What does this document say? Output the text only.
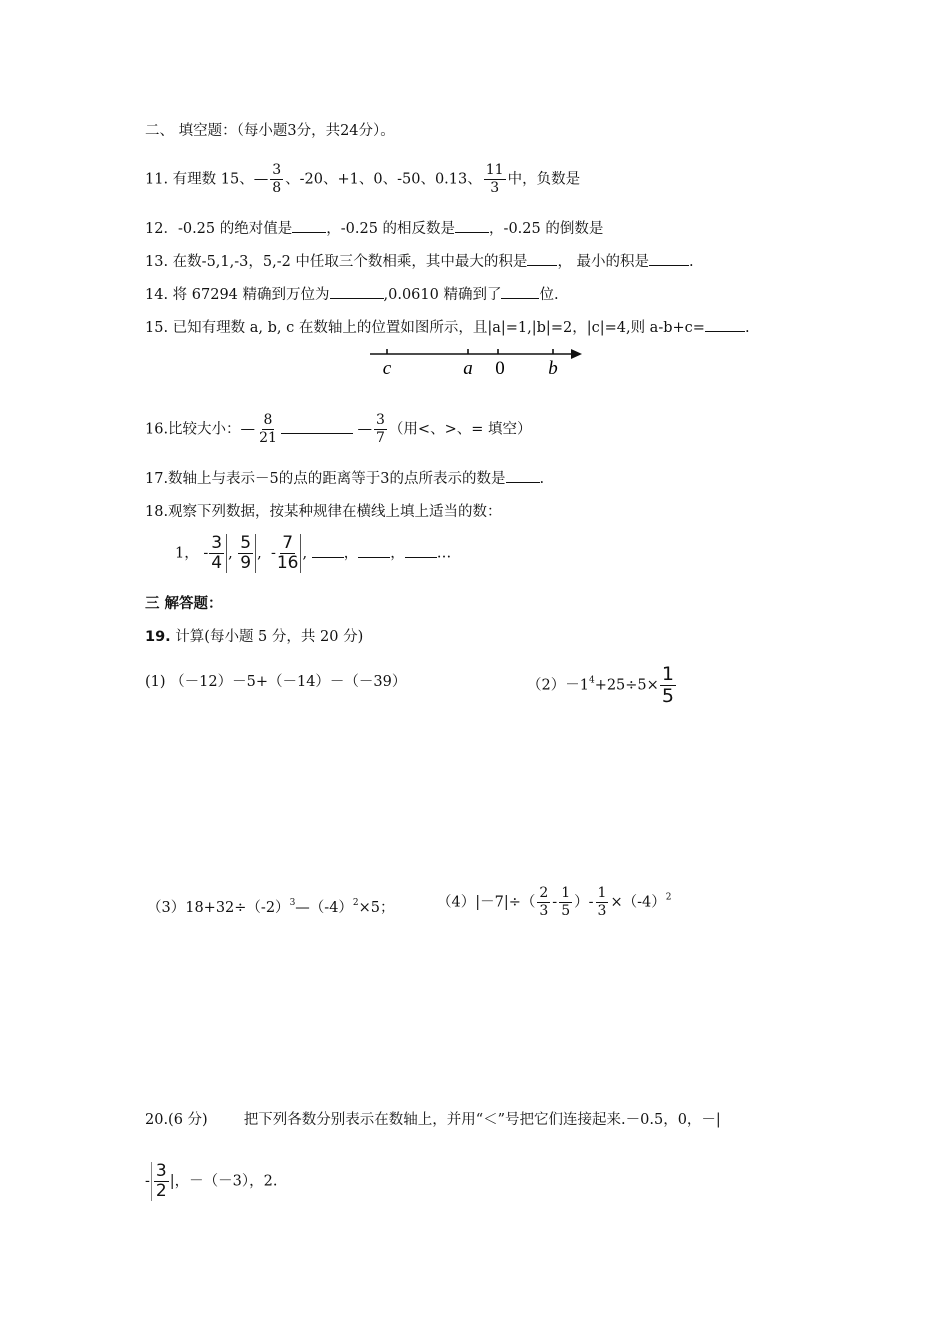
二、 填空题：（每小题3分，共24分）。
11. 有理数 15、— $\frac{3}{8}$ 、-20、+1、0、-50、0.13、 $\frac{11}{3}$ 中，负数是
12．-0.25 的绝对值是 ，-0.25 的相反数是 ，-0.25 的倒数是
13. 在数-5,1,-3，5,-2 中任取三个数相乘，其中最大的积是 ， 最小的积是	.
14. 将 67294 精确到万位为	,0.0610 精确到了	位.
15. 已知有理数 a, b, c 在数轴上的位置如图所示，且|a|=1,|b|=2，|c|=4,则 a-b+c=	.
c	a 0 b
16.比较大小：— $\frac{8}{21}$	— $\frac{3}{7}$ （用<、>、= 填空）
17.数轴上与表示－5的点的距离等于3的点所表示的数是 .
18.观察下列数据，按某种规律在横线上填上适当的数：
1， - $\frac{3}{4}$ , $\frac{5}{9}$ , - $\frac{7}{16}$ ,	， ， …
三 解答题：
19. 计算(每小题 5 分，共 20 分)
(1) （－12）－5+（－14）－（－39）	$(2)-1^4+25\div 5\times \frac{1}{5}$
$(3)18+32\div(-2)^3—(-4)^2\times 5$；	$(4)|-7|\div( \frac{2}{3} - \frac{1}{5}$ ）- $\frac{1}{3} \times(-4)^2$
20.(6 分) 把下列各数分别表示在数轴上，并用“＜”号把它们连接起来.－0.5，0，－|
- $\frac{3}{2}$ |，－（－3），2.
